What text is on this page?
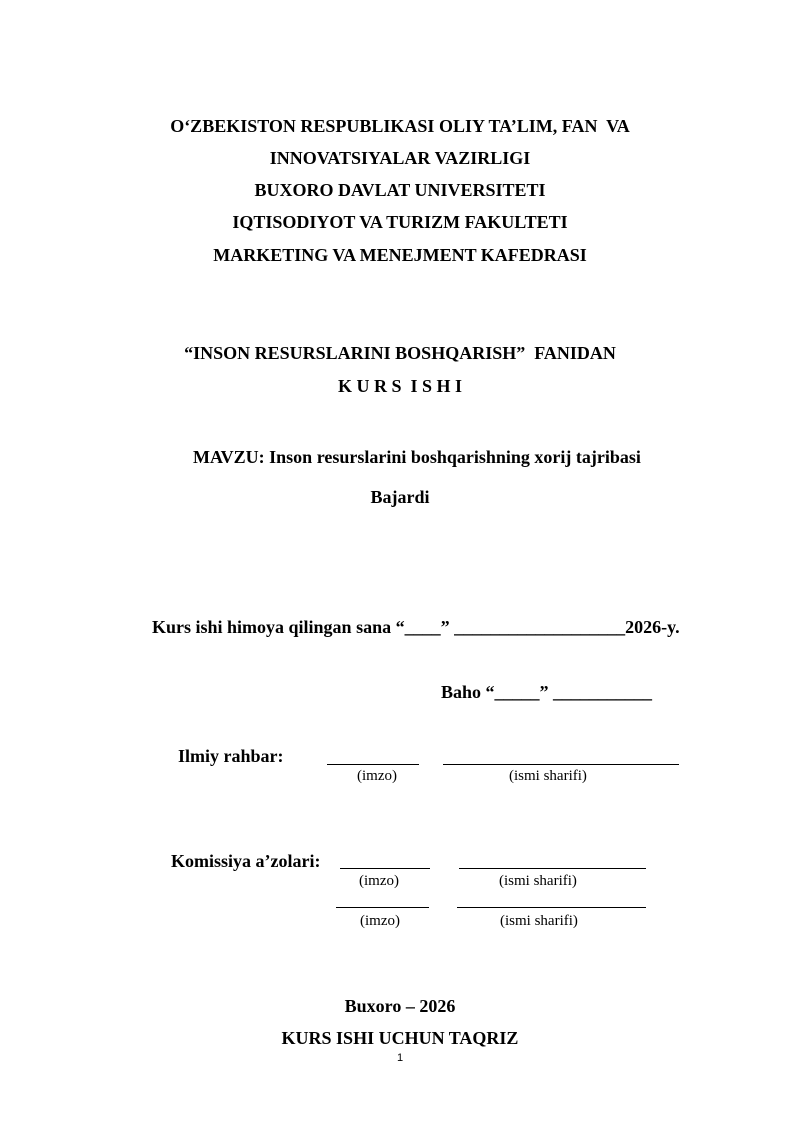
O‘ZBEKISTON RESPUBLIKASI OLIY TA’LIM, FAN  VA
INNOVATSIYALAR VAZIRLIGI
BUXORO DAVLAT UNIVERSITETI
IQTISODIYOT VA TURIZM FAKULTETI
MARKETING VA MENEJMENT KAFEDRASI
“INSON RESURSLARINI BOSHQARISH”  FANIDAN
K U R S  I S H I
MAVZU: Inson resurslarini boshqarishning xorij tajribasi
Bajardi
Kurs ishi himoya qilingan sana “____” ___________________2026-y.
Baho “_____” ___________
Ilmiy rahbar:
(imzo)	(ismi sharifi)
Komissiya a’zolari:
(imzo)	(ismi sharifi)
(imzo)	(ismi sharifi)
Buxoro – 2026
KURS ISHI UCHUN TAQRIZ
1
